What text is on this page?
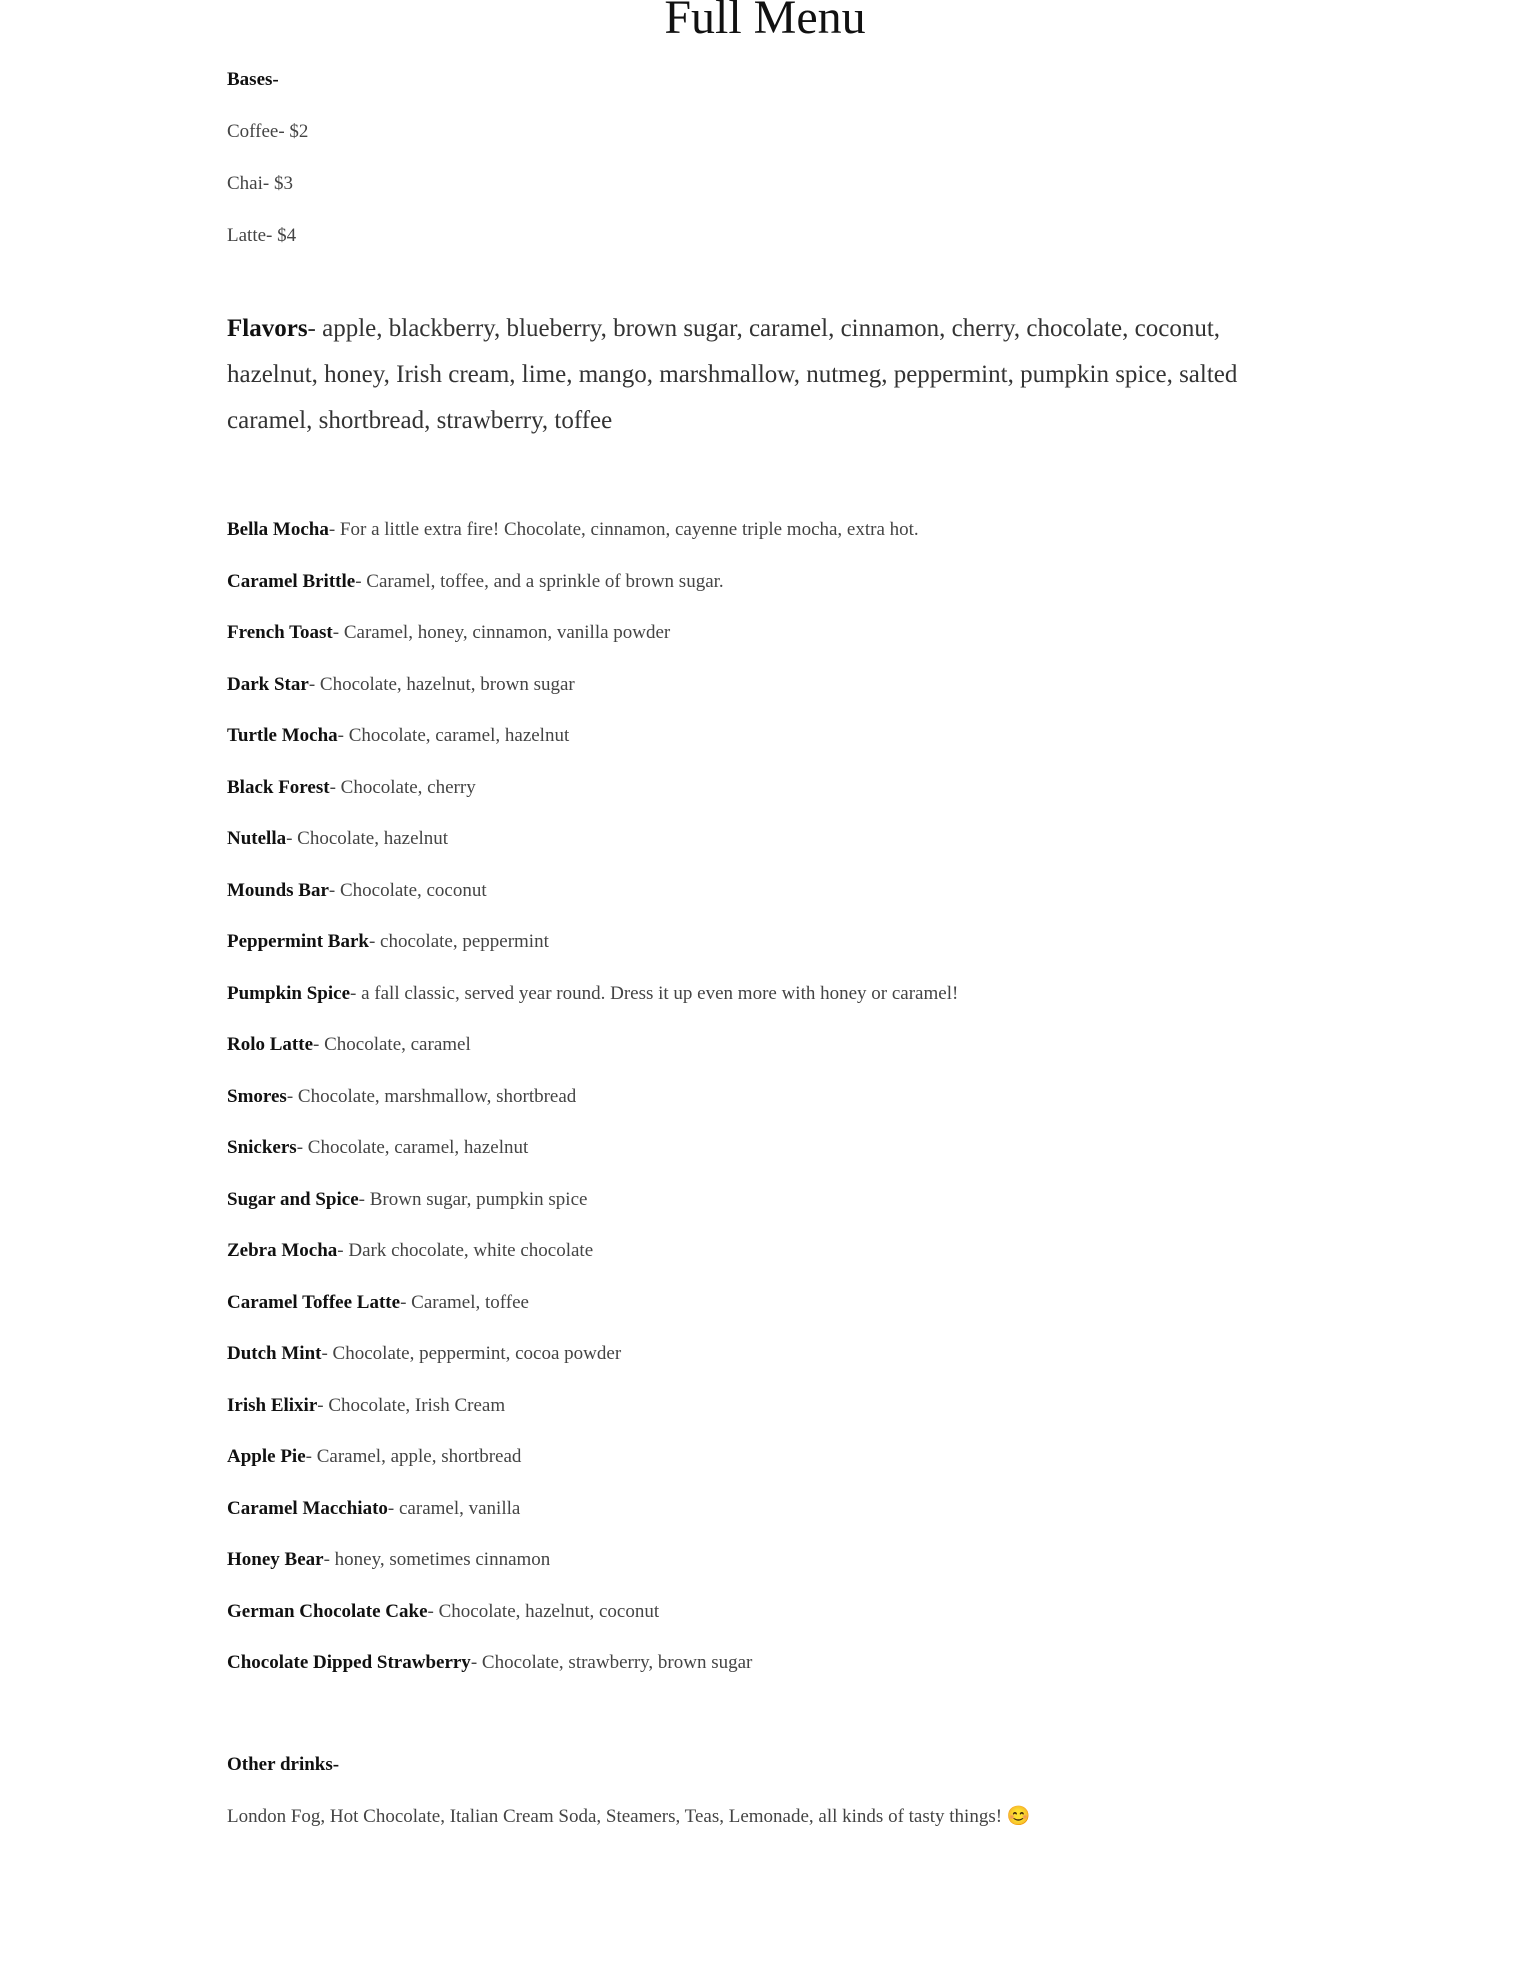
Full Menu
Bases-
Coffee- $2
Chai- $3
Latte- $4
Flavors- apple, blackberry, blueberry, brown sugar, caramel, cinnamon, cherry, chocolate, coconut, hazelnut, honey, Irish cream, lime, mango, marshmallow, nutmeg, peppermint, pumpkin spice, salted caramel, shortbread, strawberry, toffee
Bella Mocha- For a little extra fire! Chocolate, cinnamon, cayenne triple mocha, extra hot.
Caramel Brittle- Caramel, toffee, and a sprinkle of brown sugar.
French Toast- Caramel, honey, cinnamon, vanilla powder
Dark Star- Chocolate, hazelnut, brown sugar
Turtle Mocha- Chocolate, caramel, hazelnut
Black Forest- Chocolate, cherry
Nutella- Chocolate, hazelnut
Mounds Bar- Chocolate, coconut
Peppermint Bark- chocolate, peppermint
Pumpkin Spice- a fall classic, served year round. Dress it up even more with honey or caramel!
Rolo Latte- Chocolate, caramel
Smores- Chocolate, marshmallow, shortbread
Snickers- Chocolate, caramel, hazelnut
Sugar and Spice- Brown sugar, pumpkin spice
Zebra Mocha- Dark chocolate, white chocolate
Caramel Toffee Latte- Caramel, toffee
Dutch Mint- Chocolate, peppermint, cocoa powder
Irish Elixir- Chocolate, Irish Cream
Apple Pie- Caramel, apple, shortbread
Caramel Macchiato- caramel, vanilla
Honey Bear- honey, sometimes cinnamon
German Chocolate Cake- Chocolate, hazelnut, coconut
Chocolate Dipped Strawberry- Chocolate, strawberry, brown sugar
Other drinks-
London Fog, Hot Chocolate, Italian Cream Soda, Steamers, Teas, Lemonade, all kinds of tasty things! 😊
